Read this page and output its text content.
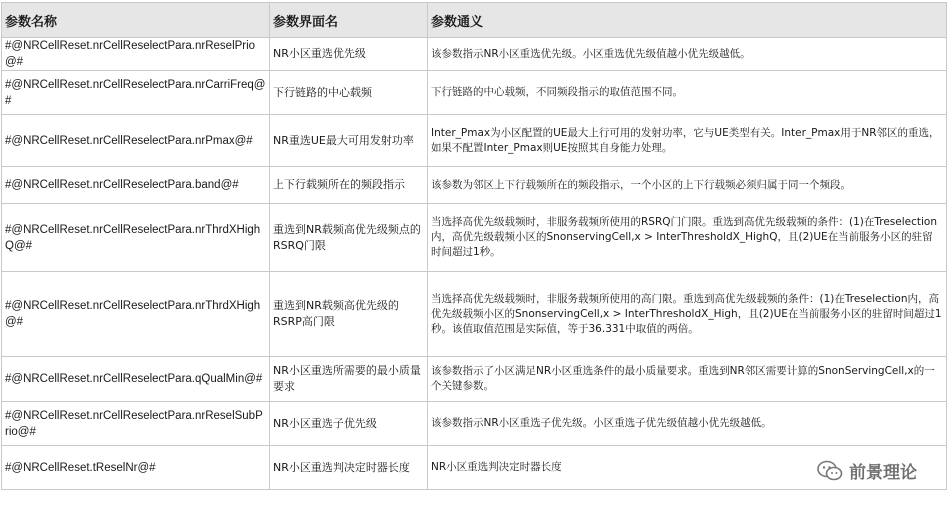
参数名称	参数界面名	参数通义
#@NRCellReset.nrCellReselectPara.nrReselPrio@#	NR小区重选优先级	该参数指示NR小区重选优先级。小区重选优先级值越小优先级越低。
#@NRCellReset.nrCellReselectPara.nrCarriFreq@#	下行链路的中心载频	下行链路的中心载频，不同频段指示的取值范围不同。
#@NRCellReset.nrCellReselectPara.nrPmax@#	NR重选UE最大可用发射功率	Inter_Pmax为小区配置的UE最大上行可用的发射功率，它与UE类型有关。Inter_Pmax用于NR邻区的重选，如果不配置Inter_Pmax则UE按照其自身能力处理。
#@NRCellReset.nrCellReselectPara.band@#	上下行载频所在的频段指示	该参数为邻区上下行载频所在的频段指示，一个小区的上下行载频必须归属于同一个频段。
#@NRCellReset.nrCellReselectPara.nrThrdXHighQ@#	重选到NR载频高优先级频点的RSRQ门限	当选择高优先级载频时，非服务载频所使用的RSRQ门门限。重选到高优先级载频的条件：(1)在Treselection内，高优先级载频小区的SnonservingCell,x > InterThresholdX_HighQ，且(2)UE在当前服务小区的驻留时间超过1秒。
#@NRCellReset.nrCellReselectPara.nrThrdXHigh@#	重选到NR载频高优先级的RSRP高门限	当选择高优先级载频时，非服务载频所使用的高门限。重选到高优先级载频的条件：(1)在Treselection内，高优先级载频小区的SnonservingCell,x > InterThresholdX_High，且(2)UE在当前服务小区的驻留时间超过1秒。该值取值范围是实际值，等于36.331中取值的两倍。
#@NRCellReset.nrCellReselectPara.qQualMin@#	NR小区重选所需要的最小质量要求	该参数指示了小区满足NR小区重选条件的最小质量要求。重选到NR邻区需要计算的SnonServingCell,x的一个关键参数。
#@NRCellReset.nrCellReselectPara.nrReselSubPrio@#	NR小区重选子优先级	该参数指示NR小区重选子优先级。小区重选子优先级值越小优先级越低。
#@NRCellReset.tReselNr@#	NR小区重选判决定时器长度	NR小区重选判决定时器长度	前景理论
